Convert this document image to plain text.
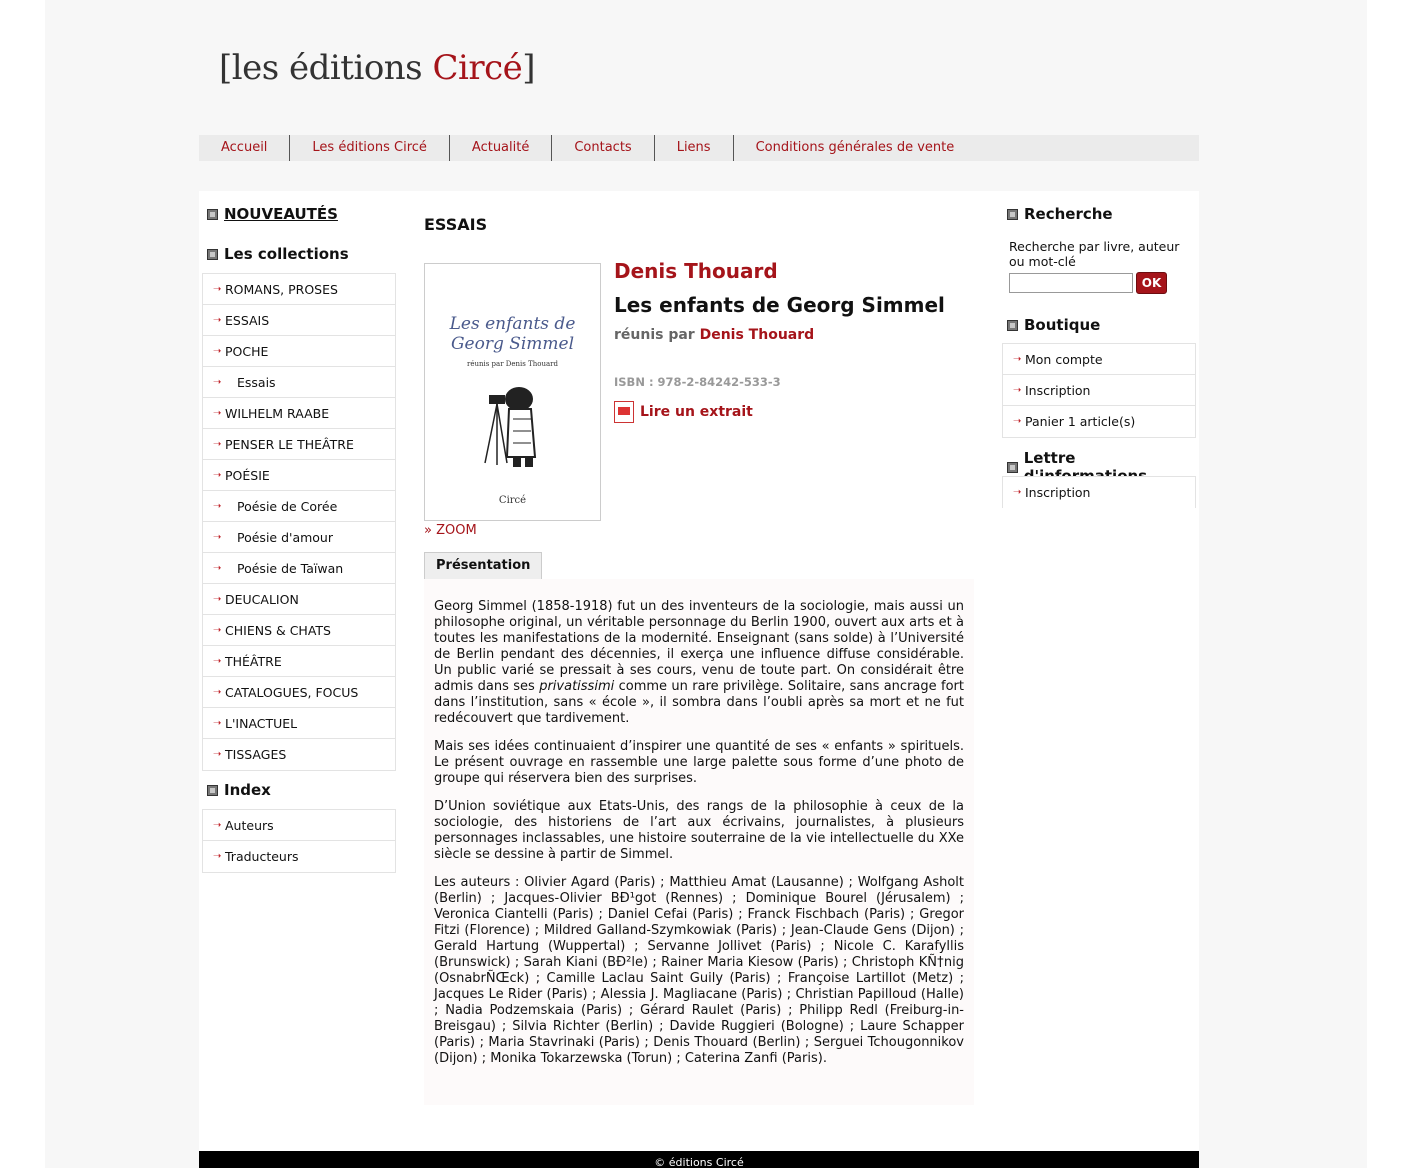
[les éditions Circé]
Accueil	Les éditions Circé	Actualité	Contacts	Liens	Conditions générales de vente
NOUVEAUTÉS
Les collections
➝ ROMANS, PROSES
➝ ESSAIS
➝ POCHE
➝	Essais
➝ WILHELM RAABE
➝ PENSER LE THEÂTRE
➝ POÉSIE
➝	Poésie de Corée
➝	Poésie d'amour
➝	Poésie de Taïwan
➝ DEUCALION
➝ CHIENS & CHATS
➝ THÉÂTRE
➝ CATALOGUES, FOCUS
➝ L'INACTUEL
➝ TISSAGES
Index
➝ Auteurs
➝ Traducteurs
ESSAIS
Les enfants de Georg Simmel
réunis par Denis Thouard
Circé
» ZOOM
Denis Thouard
Les enfants de Georg Simmel
réunis par Denis Thouard
ISBN : 978-2-84242-533-3
Lire un extrait
Présentation

Georg Simmel (1858-1918) fut un des inventeurs de la sociologie, mais aussi un philosophe original, un véritable personnage du Berlin 1900, ouvert aux arts et à toutes les manifestations de la modernité. Enseignant (sans solde) à l’Université de Berlin pendant des décennies, il exerça une influence diffuse considérable. Un public varié se pressait à ses cours, venu de toute part. On considérait être admis dans ses privatissimi comme un rare privilège. Solitaire, sans ancrage fort dans l’institution, sans « école », il sombra dans l’oubli après sa mort et ne fut redécouvert que tardivement.

Mais ses idées continuaient d’inspirer une quantité de ses « enfants » spirituels. Le présent ouvrage en rassemble une large palette sous forme d’une photo de groupe qui réservera bien des surprises.

D’Union soviétique aux Etats-Unis, des rangs de la philosophie à ceux de la sociologie, des historiens de l’art aux écrivains, journalistes, à plusieurs personnages inclassables, une histoire souterraine de la vie intellectuelle du XXe siècle se dessine à partir de Simmel.

Les auteurs : Olivier Agard (Paris) ; Matthieu Amat (Lausanne) ; Wolfgang Asholt (Berlin) ; Jacques-Olivier BÐ¹got (Rennes) ; Dominique Bourel (Jérusalem) ; Veronica Ciantelli (Paris) ; Daniel Cefai (Paris) ; Franck Fischbach (Paris) ; Gregor Fitzi (Florence) ; Mildred Galland-Szymkowiak (Paris) ; Jean-Claude Gens (Dijon) ; Gerald Hartung (Wuppertal) ; Servanne Jollivet (Paris) ; Nicole C. Karafyllis (Brunswick) ; Sarah Kiani (BÐ²le) ; Rainer Maria Kiesow (Paris) ; Christoph KÑ†nig (OsnabrÑŒck) ; Camille Laclau Saint Guily (Paris) ; Françoise Lartillot (Metz) ; Jacques Le Rider (Paris) ; Alessia J. Magliacane (Paris) ; Christian Papilloud (Halle) ; Nadia Podzemskaia (Paris) ; Gérard Raulet (Paris) ; Philipp Redl (Freiburg-in-Breisgau) ; Silvia Richter (Berlin) ; Davide Ruggieri (Bologne) ; Laure Schapper (Paris) ; Maria Stavrinaki (Paris) ; Denis Thouard (Berlin) ; Serguei Tchougonnikov (Dijon) ; Monika Tokarzewska (Torun) ; Caterina Zanfi (Paris).

Recherche
Recherche par livre, auteur ou mot-clé
OK
Boutique
➝ Mon compte
➝ Inscription
➝ Panier 1 article(s)
Lettre
➝ Inscription
© éditions Circé
